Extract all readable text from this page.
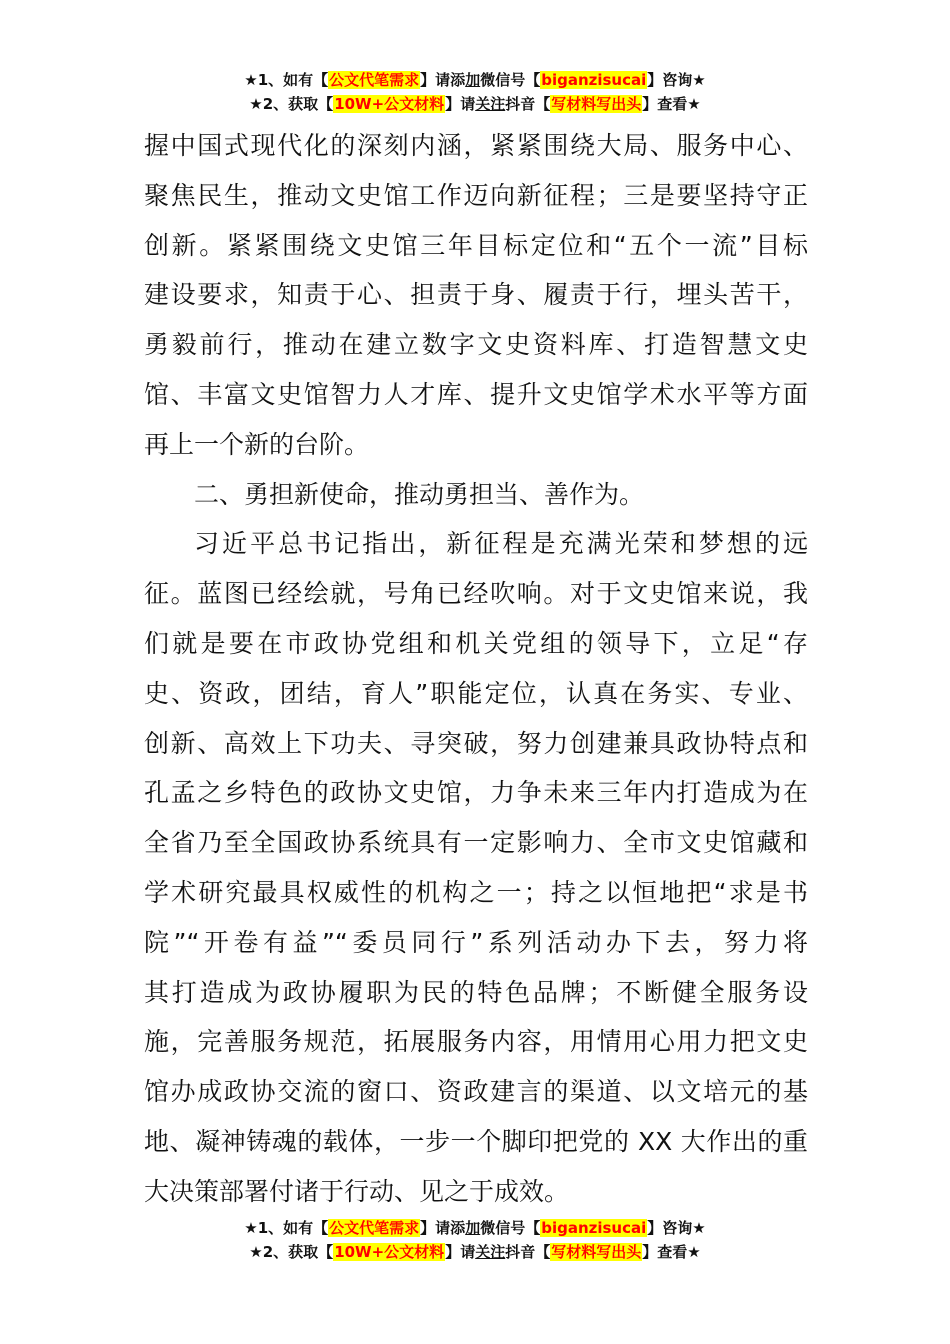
★1、如有【公文代笔需求】请添加微信号【biganzisucai】咨询★
★2、获取【10W+公文材料】请关注抖音【写材料写出头】查看★
握中国式现代化的深刻内涵，紧紧围绕大局、服务中心、
聚焦民生，推动文史馆工作迈向新征程；三是要坚持守正
创新。紧紧围绕文史馆三年目标定位和“五个一流”目标
建设要求，知责于心、担责于身、履责于行，埋头苦干，
勇毅前行，推动在建立数字文史资料库、打造智慧文史
馆、丰富文史馆智力人才库、提升文史馆学术水平等方面
再上一个新的台阶。
二、勇担新使命，推动勇担当、善作为。
习近平总书记指出，新征程是充满光荣和梦想的远
征。蓝图已经绘就，号角已经吹响。对于文史馆来说，我
们就是要在市政协党组和机关党组的领导下，立足“存
史、资政，团结，育人”职能定位，认真在务实、专业、
创新、高效上下功夫、寻突破，努力创建兼具政协特点和
孔孟之乡特色的政协文史馆，力争未来三年内打造成为在
全省乃至全国政协系统具有一定影响力、全市文史馆藏和
学术研究最具权威性的机构之一；持之以恒地把“求是书
院”“开卷有益”“委员同行”系列活动办下去，努力将
其打造成为政协履职为民的特色品牌；不断健全服务设
施，完善服务规范，拓展服务内容，用情用心用力把文史
馆办成政协交流的窗口、资政建言的渠道、以文培元的基
地、凝神铸魂的载体，一步一个脚印把党的 XX 大作出的重
大决策部署付诸于行动、见之于成效。
★1、如有【公文代笔需求】请添加微信号【biganzisucai】咨询★
★2、获取【10W+公文材料】请关注抖音【写材料写出头】查看★
